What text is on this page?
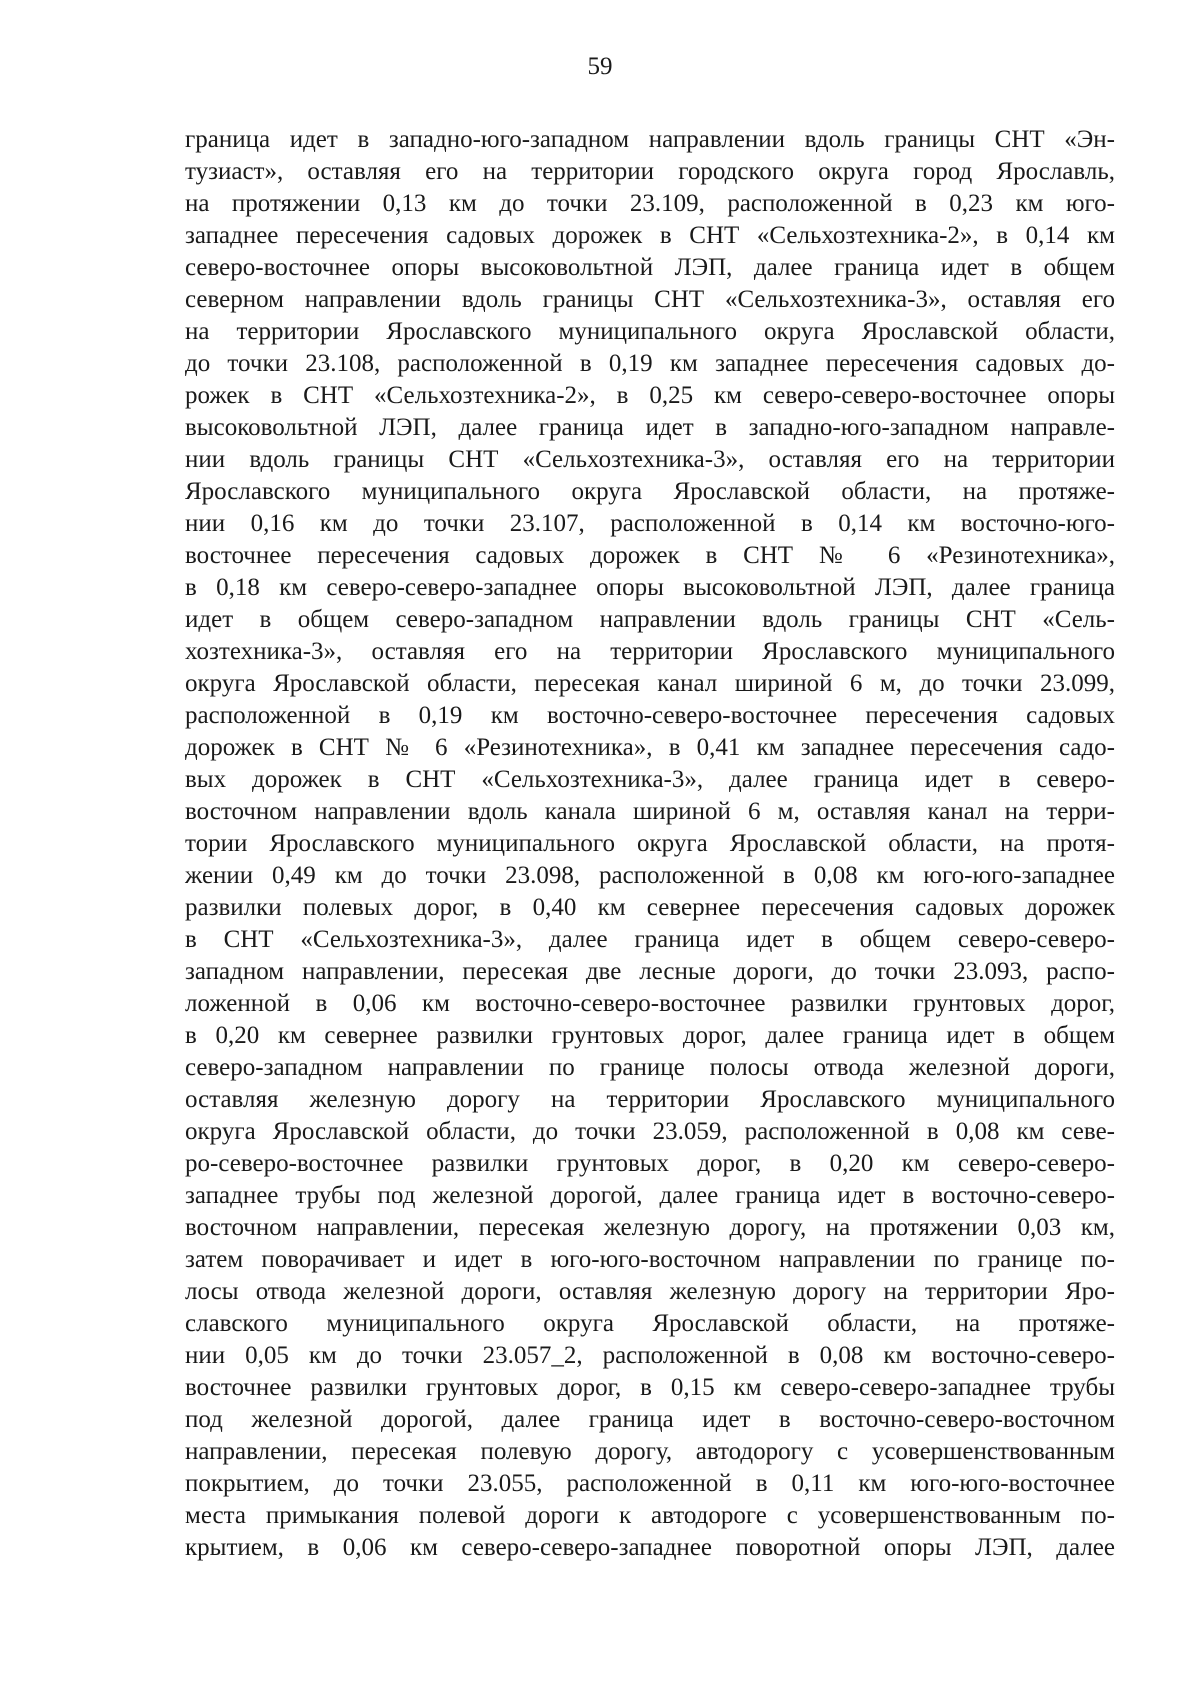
59
граница идет в западно-юго-западном направлении вдоль границы СНТ «Эн-
тузиаст», оставляя его на территории городского округа город Ярославль,
на протяжении 0,13 км до точки 23.109, расположенной в 0,23 км юго-
западнее пересечения садовых дорожек в СНТ «Сельхозтехника-2», в 0,14 км
северо-восточнее опоры высоковольтной ЛЭП, далее граница идет в общем
северном направлении вдоль границы СНТ «Сельхозтехника-3», оставляя его
на территории Ярославского муниципального округа Ярославской области,
до точки 23.108, расположенной в 0,19 км западнее пересечения садовых до-
рожек в СНТ «Сельхозтехника-2», в 0,25 км северо-северо-восточнее опоры
высоковольтной ЛЭП, далее граница идет в западно-юго-западном направле-
нии вдоль границы СНТ «Сельхозтехника-3», оставляя его на территории
Ярославского муниципального округа Ярославской области, на протяже-
нии 0,16 км до точки 23.107, расположенной в 0,14 км восточно-юго-
восточнее пересечения садовых дорожек в СНТ № 6 «Резинотехника»,
в 0,18 км северо-северо-западнее опоры высоковольтной ЛЭП, далее граница
идет в общем северо-западном направлении вдоль границы СНТ «Сель-
хозтехника-3», оставляя его на территории Ярославского муниципального
округа Ярославской области, пересекая канал шириной 6 м, до точки 23.099,
расположенной в 0,19 км восточно-северо-восточнее пересечения садовых
дорожек в СНТ № 6 «Резинотехника», в 0,41 км западнее пересечения садо-
вых дорожек в СНТ «Сельхозтехника-3», далее граница идет в северо-
восточном направлении вдоль канала шириной 6 м, оставляя канал на терри-
тории Ярославского муниципального округа Ярославской области, на протя-
жении 0,49 км до точки 23.098, расположенной в 0,08 км юго-юго-западнее
развилки полевых дорог, в 0,40 км севернее пересечения садовых дорожек
в СНТ «Сельхозтехника-3», далее граница идет в общем северо-северо-
западном направлении, пересекая две лесные дороги, до точки 23.093, распо-
ложенной в 0,06 км восточно-северо-восточнее развилки грунтовых дорог,
в 0,20 км севернее развилки грунтовых дорог, далее граница идет в общем
северо-западном направлении по границе полосы отвода железной дороги,
оставляя железную дорогу на территории Ярославского муниципального
округа Ярославской области, до точки 23.059, расположенной в 0,08 км севе-
ро-северо-восточнее развилки грунтовых дорог, в 0,20 км северо-северо-
западнее трубы под железной дорогой, далее граница идет в восточно-северо-
восточном направлении, пересекая железную дорогу, на протяжении 0,03 км,
затем поворачивает и идет в юго-юго-восточном направлении по границе по-
лосы отвода железной дороги, оставляя железную дорогу на территории Яро-
славского муниципального округа Ярославской области, на протяже-
нии 0,05 км до точки 23.057_2, расположенной в 0,08 км восточно-северо-
восточнее развилки грунтовых дорог, в 0,15 км северо-северо-западнее трубы
под железной дорогой, далее граница идет в восточно-северо-восточном
направлении, пересекая полевую дорогу, автодорогу с усовершенствованным
покрытием, до точки 23.055, расположенной в 0,11 км юго-юго-восточнее
места примыкания полевой дороги к автодороге с усовершенствованным по-
крытием, в 0,06 км северо-северо-западнее поворотной опоры ЛЭП, далее
